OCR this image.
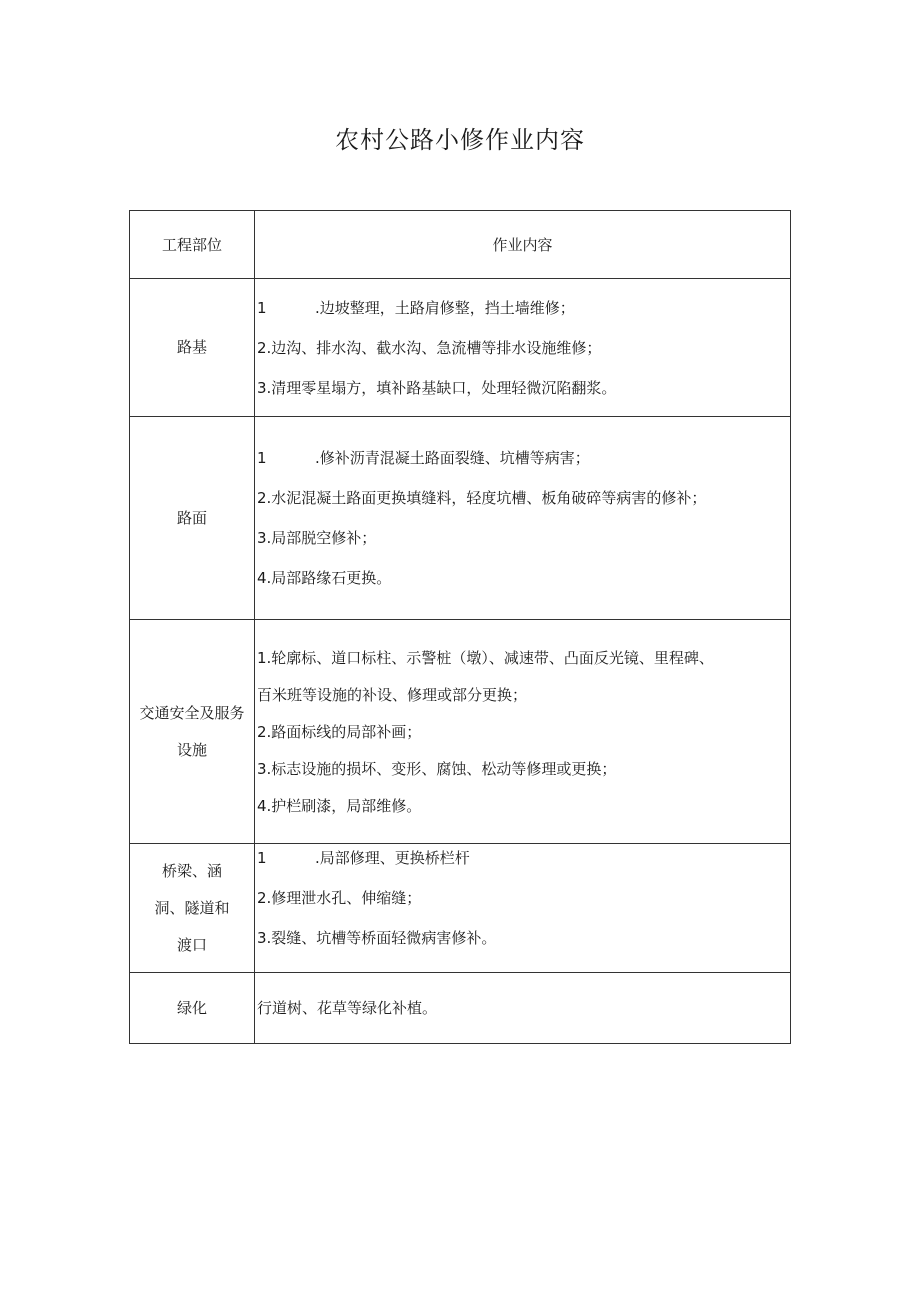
农村公路小修作业内容
工程部位	作业内容

路基	1 .边坡整理，土路肩修整，挡土墙维修；
2.边沟、排水沟、截水沟、急流槽等排水设施维修；
3.清理零星塌方，填补路基缺口，处理轻微沉陷翻浆。

路面	1 .修补沥青混凝土路面裂缝、坑槽等病害；
2.水泥混凝土路面更换填缝料，轻度坑槽、板角破碎等病害的修补；
3.局部脱空修补；
4.局部路缘石更换。

交通安全及服务
设施	1.轮廓标、道口标柱、示警桩（墩）、减速带、凸面反光镜、里程碑、
百米班等设施的补设、修理或部分更换；
2.路面标线的局部补画；
3.标志设施的损坏、变形、腐蚀、松动等修理或更换；
4.护栏刷漆，局部维修。

桥梁、涵
洞、隧道和
渡口	1 .局部修理、更换桥栏杆
2.修理泄水孔、伸缩缝；
3.裂缝、坑槽等桥面轻微病害修补。

绿化	行道树、花草等绿化补植。
